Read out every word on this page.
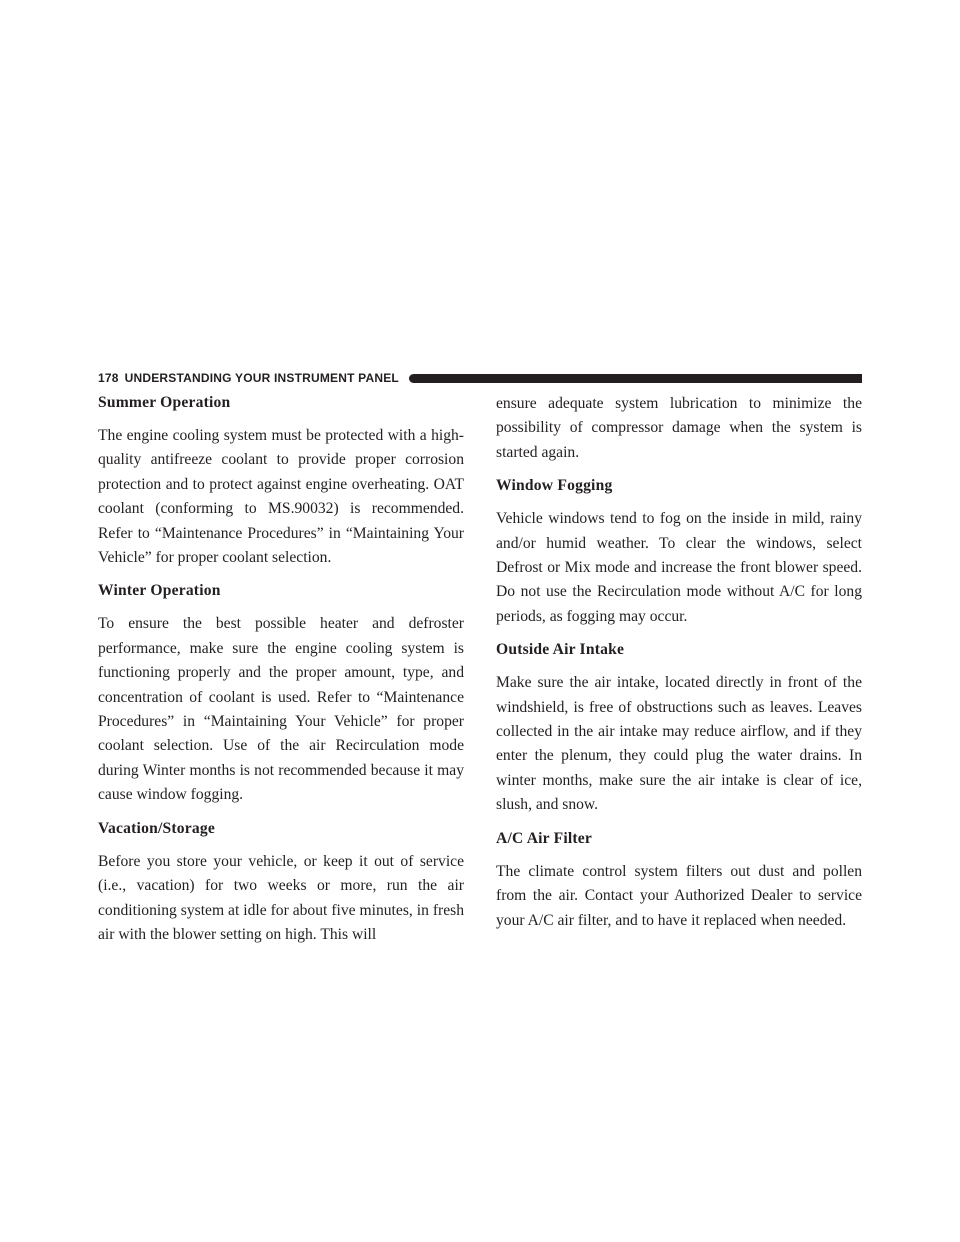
178 UNDERSTANDING YOUR INSTRUMENT PANEL
Summer Operation

The engine cooling system must be protected with a high-quality antifreeze coolant to provide proper corrosion protection and to protect against engine overheating. OAT coolant (conforming to MS.90032) is recommended. Refer to “Maintenance Procedures” in “Maintaining Your Vehicle” for proper coolant selection.

Winter Operation

To ensure the best possible heater and defroster performance, make sure the engine cooling system is functioning properly and the proper amount, type, and concentration of coolant is used. Refer to “Maintenance Procedures” in “Maintaining Your Vehicle” for proper coolant selection. Use of the air Recirculation mode during Winter months is not recommended because it may cause window fogging.

Vacation/Storage

Before you store your vehicle, or keep it out of service (i.e., vacation) for two weeks or more, run the air conditioning system at idle for about five minutes, in fresh air with the blower setting on high. This will

ensure adequate system lubrication to minimize the possibility of compressor damage when the system is started again.

Window Fogging

Vehicle windows tend to fog on the inside in mild, rainy and/or humid weather. To clear the windows, select Defrost or Mix mode and increase the front blower speed. Do not use the Recirculation mode without A/C for long periods, as fogging may occur.

Outside Air Intake

Make sure the air intake, located directly in front of the windshield, is free of obstructions such as leaves. Leaves collected in the air intake may reduce airflow, and if they enter the plenum, they could plug the water drains. In winter months, make sure the air intake is clear of ice, slush, and snow.

A/C Air Filter

The climate control system filters out dust and pollen from the air. Contact your Authorized Dealer to service your A/C air filter, and to have it replaced when needed.
